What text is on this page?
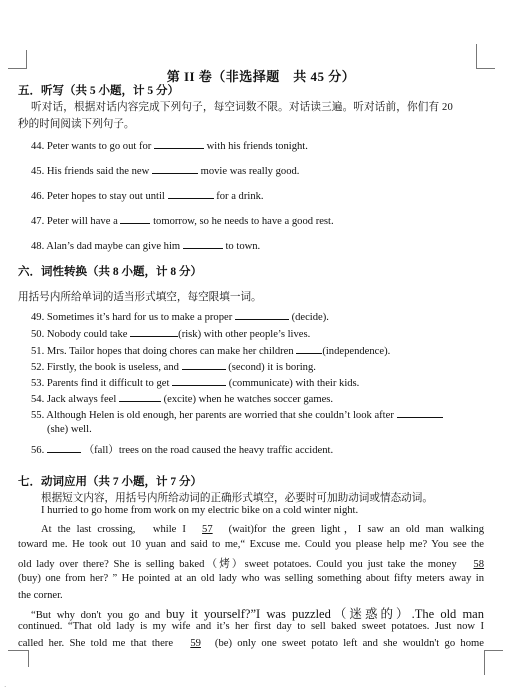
第 II 卷（非选择题　共 45 分）
五．听写（共 5 小题，计 5 分）
听对话，根据对话内容完成下列句子，每空词数不限。对话读三遍。听对话前，你们有 20
秒的时间阅读下列句子。
44. Peter wants to go out for	with his friends tonight.
45. His friends said the new	movie was really good.
46. Peter hopes to stay out until	for a drink.
47. Peter will have a	tomorrow, so he needs to have a good rest.
48. Alan’s dad maybe can give him	to town.
六．词性转换（共 8 小题，计 8 分）
用括号内所给单词的适当形式填空，每空限填一词。
49. Sometimes it’s hard for us to make a proper	(decide).
50. Nobody could take	(risk) with other people’s lives.
51. Mrs. Tailor hopes that doing chores can make her children	(independence).
52. Firstly, the book is useless, and	(second) it is boring.
53. Parents find it difficult to get	(communicate) with their kids.
54. Jack always feel	(excite) when he watches soccer games.
55. Although Helen is old enough, her parents are worried that she couldn’t look after
(she) well.
56.	（fall）trees on the road caused the heavy traffic accident.
七．动词应用（共 7 小题，计 7 分）
根据短文内容，用括号内所给动词的正确形式填空，必要时可加助动词或情态动词。
I hurried to go home from work on my electric bike on a cold winter night.
At the last crossing,　while I 57 (wait)for the green light，I saw an old man walking
toward me. He took out 10 yuan and said to me,“ Excuse me. Could you please help me? You see the
old lady over there? She is selling baked（烤）sweet potatoes. Could you just take the money 58
(buy) one from her? ” He pointed at an old lady who was selling something about fifty meters away in
the corner.
“But why don't you go and buy it yourself?”I was puzzled（迷惑的）.The old man
continued. “That old lady is my wife and it’s her first day to sell baked sweet potatoes. Just now I
called her. She told me that there 59 (be) only one sweet potato left and she wouldn't go home
·
